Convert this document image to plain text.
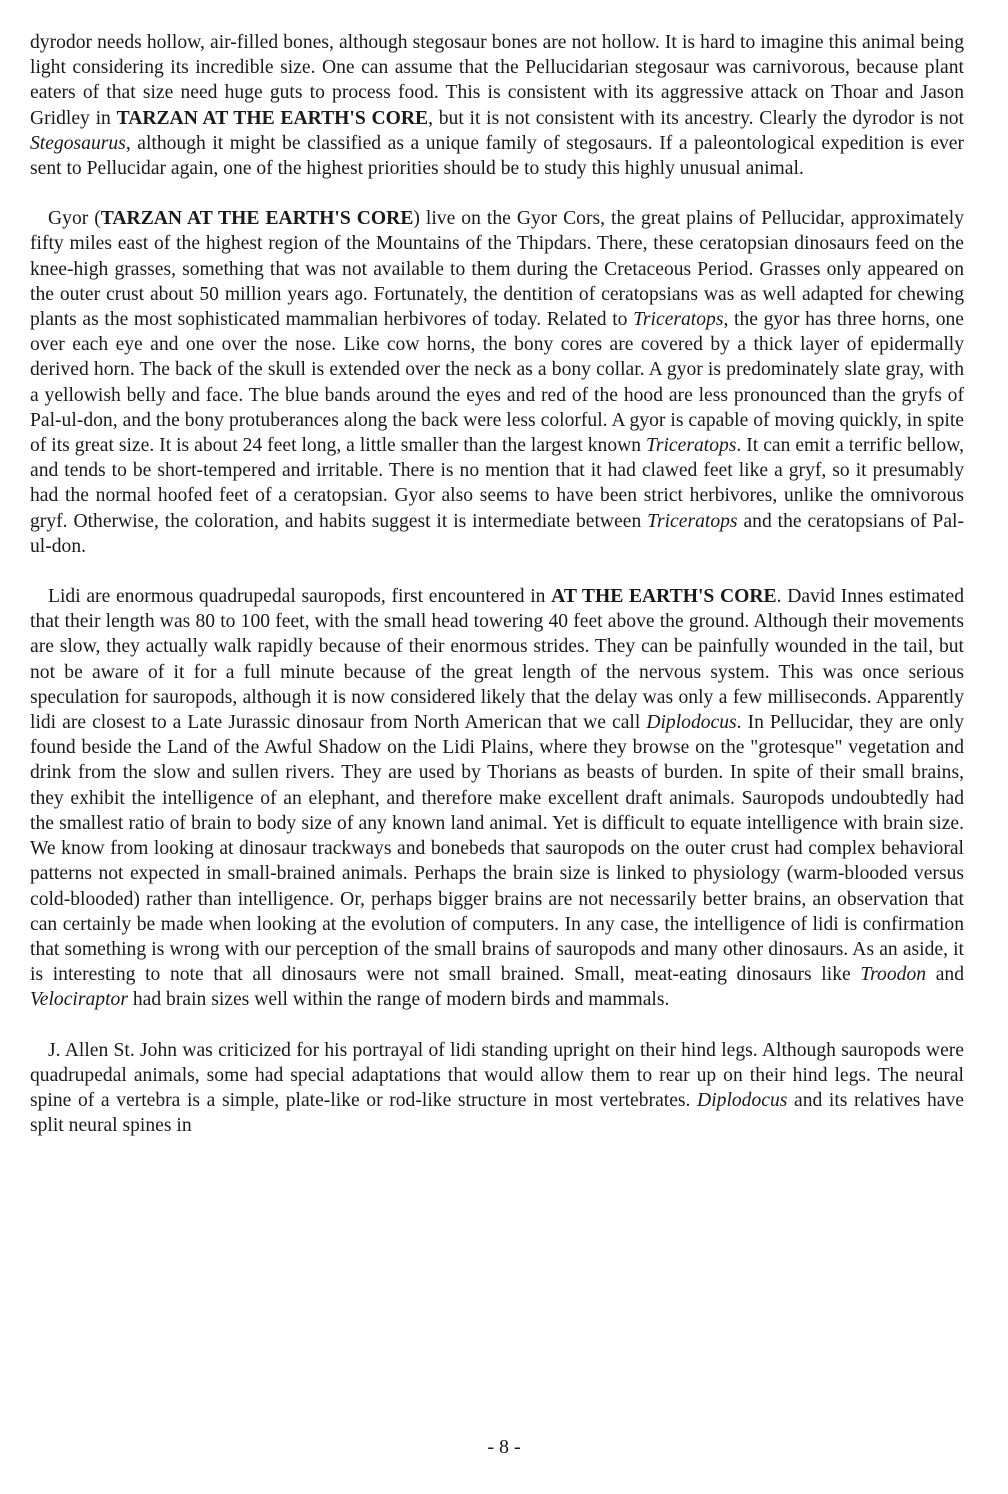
dyrodor needs hollow, air-filled bones, although stegosaur bones are not hollow. It is hard to imagine this animal being light considering its incredible size. One can assume that the Pellucidarian stegosaur was carnivorous, because plant eaters of that size need huge guts to process food. This is consistent with its aggressive attack on Thoar and Jason Gridley in TARZAN AT THE EARTH'S CORE, but it is not consistent with its ancestry. Clearly the dyrodor is not Stegosaurus, although it might be classified as a unique family of stegosaurs. If a paleontological expedition is ever sent to Pellucidar again, one of the highest priorities should be to study this highly unusual animal.

Gyor (TARZAN AT THE EARTH'S CORE) live on the Gyor Cors, the great plains of Pellucidar, approximately fifty miles east of the highest region of the Mountains of the Thipdars. There, these ceratopsian dinosaurs feed on the knee-high grasses, something that was not available to them during the Cretaceous Period. Grasses only appeared on the outer crust about 50 million years ago. Fortunately, the dentition of ceratopsians was as well adapted for chewing plants as the most sophisticated mammalian herbivores of today. Related to Triceratops, the gyor has three horns, one over each eye and one over the nose. Like cow horns, the bony cores are covered by a thick layer of epidermally derived horn. The back of the skull is extended over the neck as a bony collar. A gyor is predominately slate gray, with a yellowish belly and face. The blue bands around the eyes and red of the hood are less pronounced than the gryfs of Pal-ul-don, and the bony protuberances along the back were less colorful. A gyor is capable of moving quickly, in spite of its great size. It is about 24 feet long, a little smaller than the largest known Triceratops. It can emit a terrific bellow, and tends to be short-tempered and irritable. There is no mention that it had clawed feet like a gryf, so it presumably had the normal hoofed feet of a ceratopsian. Gyor also seems to have been strict herbivores, unlike the omnivorous gryf. Otherwise, the coloration, and habits suggest it is intermediate between Triceratops and the ceratopsians of Pal-ul-don.

Lidi are enormous quadrupedal sauropods, first encountered in AT THE EARTH'S CORE. David Innes estimated that their length was 80 to 100 feet, with the small head towering 40 feet above the ground. Although their movements are slow, they actually walk rapidly because of their enormous strides. They can be painfully wounded in the tail, but not be aware of it for a full minute because of the great length of the nervous system. This was once serious speculation for sauropods, although it is now considered likely that the delay was only a few milliseconds. Apparently lidi are closest to a Late Jurassic dinosaur from North American that we call Diplodocus. In Pellucidar, they are only found beside the Land of the Awful Shadow on the Lidi Plains, where they browse on the "grotesque" vegetation and drink from the slow and sullen rivers. They are used by Thorians as beasts of burden. In spite of their small brains, they exhibit the intelligence of an elephant, and therefore make excellent draft animals. Sauropods undoubtedly had the smallest ratio of brain to body size of any known land animal. Yet is difficult to equate intelligence with brain size. We know from looking at dinosaur trackways and bonebeds that sauropods on the outer crust had complex behavioral patterns not expected in small-brained animals. Perhaps the brain size is linked to physiology (warm-blooded versus cold-blooded) rather than intelligence. Or, perhaps bigger brains are not necessarily better brains, an observation that can certainly be made when looking at the evolution of computers. In any case, the intelligence of lidi is confirmation that something is wrong with our perception of the small brains of sauropods and many other dinosaurs. As an aside, it is interesting to note that all dinosaurs were not small brained. Small, meat-eating dinosaurs like Troodon and Velociraptor had brain sizes well within the range of modern birds and mammals.

J. Allen St. John was criticized for his portrayal of lidi standing upright on their hind legs. Although sauropods were quadrupedal animals, some had special adaptations that would allow them to rear up on their hind legs. The neural spine of a vertebra is a simple, plate-like or rod-like structure in most vertebrates. Diplodocus and its relatives have split neural spines in

- 8 -
